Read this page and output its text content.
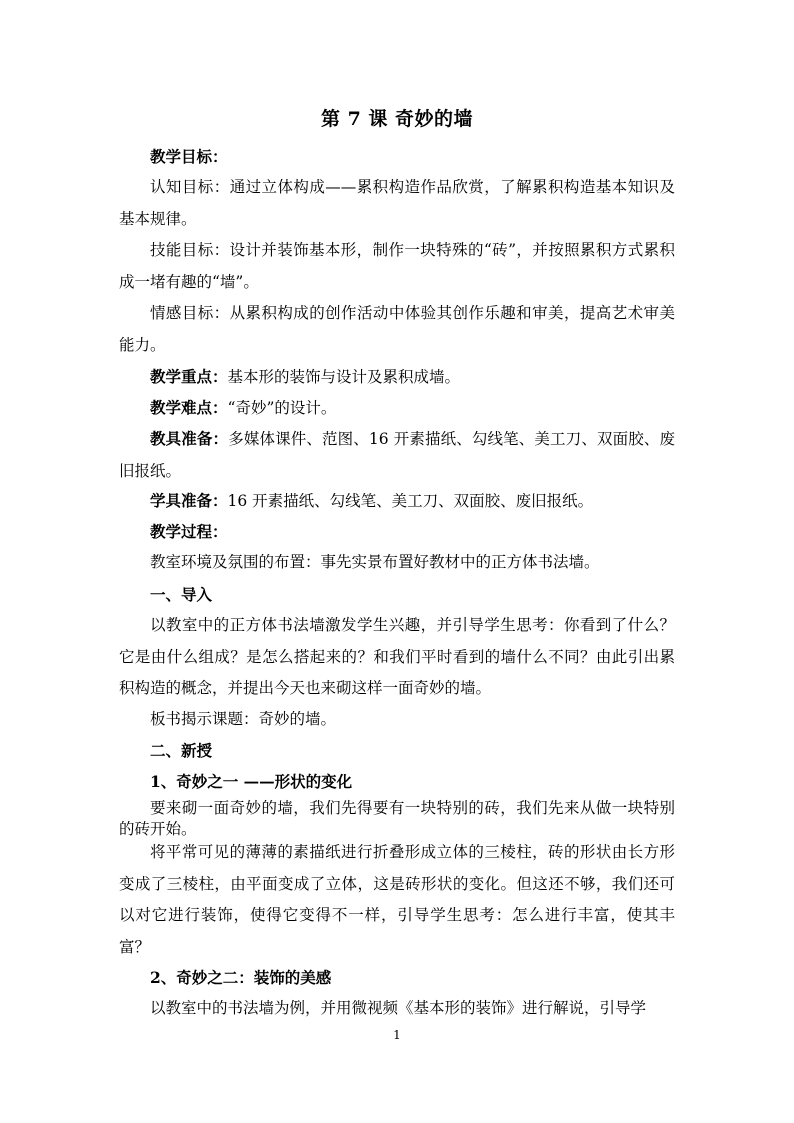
第 7 课 奇妙的墙
教学目标：
认知目标：通过立体构成——累积构造作品欣赏，了解累积构造基本知识及基本规律。
技能目标：设计并装饰基本形，制作一块特殊的“砖”，并按照累积方式累积成一堵有趣的“墙”。
情感目标：从累积构成的创作活动中体验其创作乐趣和审美，提高艺术审美能力。
教学重点：基本形的装饰与设计及累积成墙。
教学难点：“奇妙”的设计。
教具准备：多媒体课件、范图、16 开素描纸、勾线笔、美工刀、双面胶、废旧报纸。
学具准备：16 开素描纸、勾线笔、美工刀、双面胶、废旧报纸。
教学过程：
教室环境及氛围的布置：事先实景布置好教材中的正方体书法墙。
一、导入
以教室中的正方体书法墙激发学生兴趣，并引导学生思考：你看到了什么？它是由什么组成？是怎么搭起来的？和我们平时看到的墙什么不同？由此引出累积构造的概念，并提出今天也来砌这样一面奇妙的墙。
板书揭示课题：奇妙的墙。
二、新授
1、奇妙之一 ——形状的变化
要来砌一面奇妙的墙，我们先得要有一块特别的砖，我们先来从做一块特别的砖开始。
将平常可见的薄薄的素描纸进行折叠形成立体的三棱柱，砖的形状由长方形变成了三棱柱，由平面变成了立体，这是砖形状的变化。但这还不够，我们还可以对它进行装饰，使得它变得不一样，引导学生思考：怎么进行丰富，使其丰富？
2、奇妙之二：装饰的美感
以教室中的书法墙为例，并用微视频《基本形的装饰》进行解说，引导学
1
